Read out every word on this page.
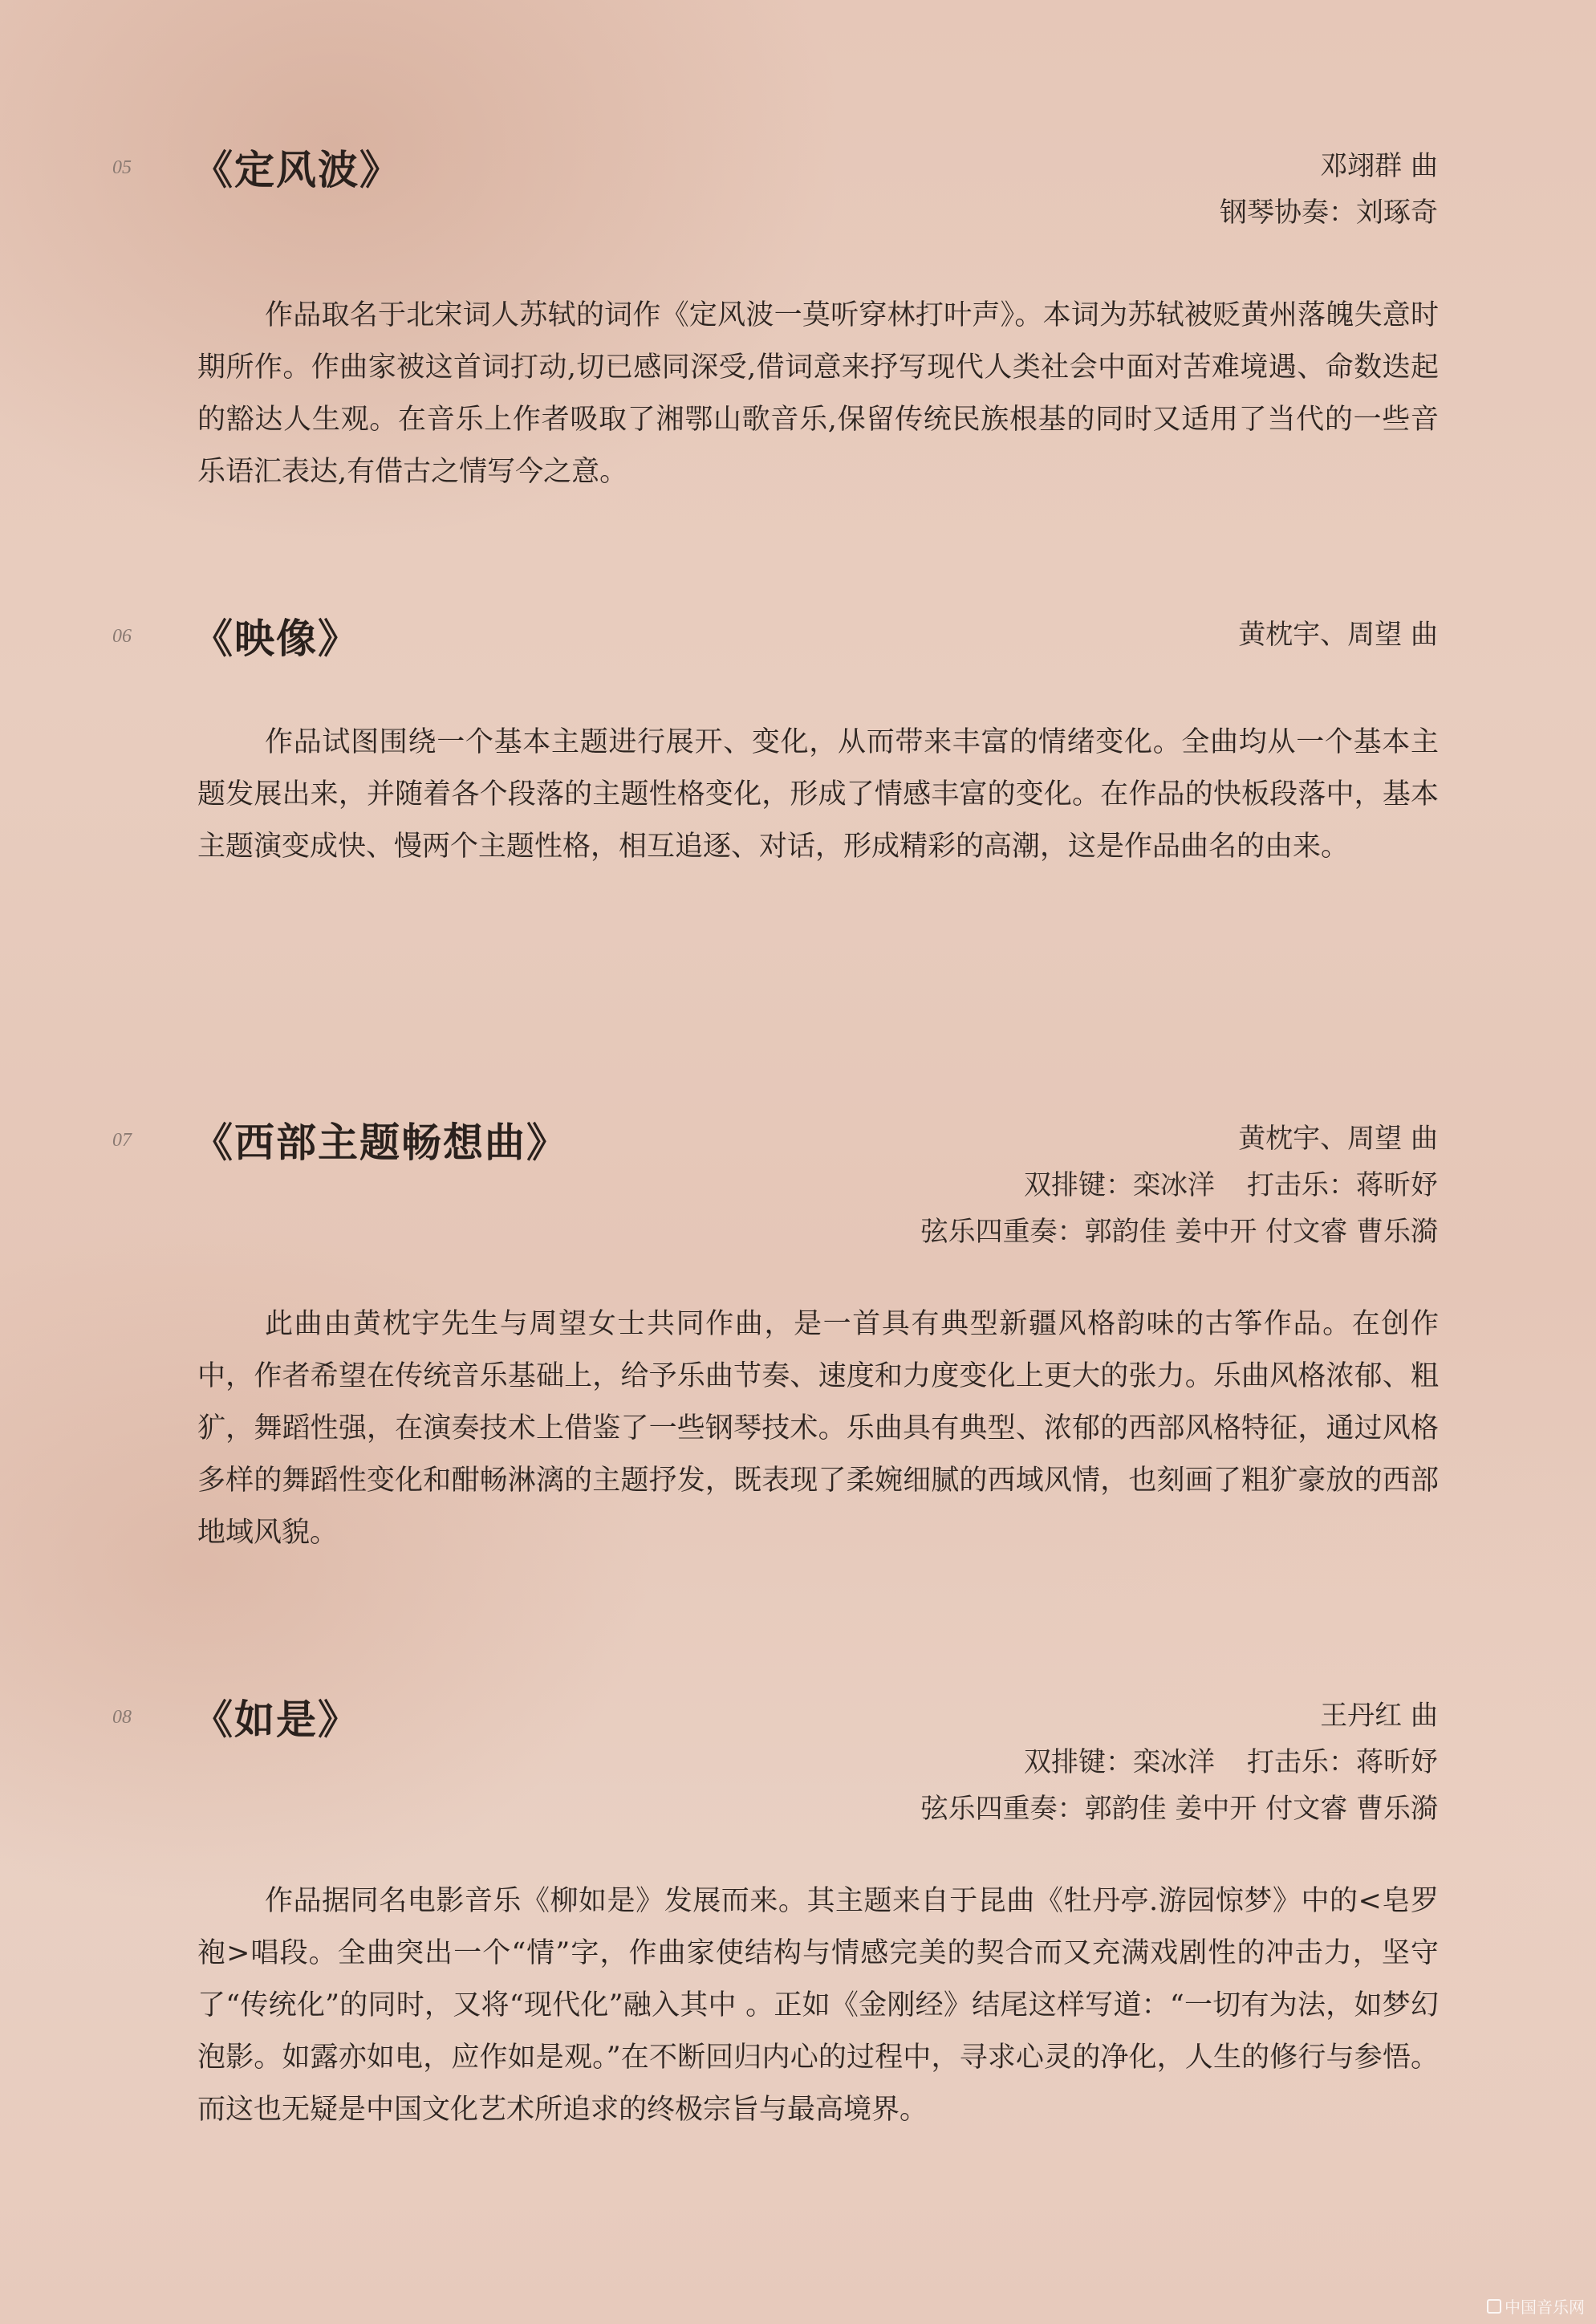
05 《定风波》	邓翊群 曲
钢琴协奏：刘琢奇

作品取名于北宋词人苏轼的词作《定风波一莫听穿林打叶声》。本词为苏轼被贬黄州落魄失意时期所作。作曲家被这首词打动,切已感同深受,借词意来抒写现代人类社会中面对苦难境遇、命数迭起的豁达人生观。在音乐上作者吸取了湘鄂山歌音乐,保留传统民族根基的同时又适用了当代的一些音乐语汇表达,有借古之情写今之意。

06 《映像》	黄枕宇、周望 曲

作品试图围绕一个基本主题进行展开、变化，从而带来丰富的情绪变化。全曲均从一个基本主题发展出来，并随着各个段落的主题性格变化，形成了情感丰富的变化。在作品的快板段落中，基本主题演变成快、慢两个主题性格，相互追逐、对话，形成精彩的高潮，这是作品曲名的由来。

07 《西部主题畅想曲》	黄枕宇、周望 曲
双排键：栾冰洋 打击乐：蒋昕妤
弦乐四重奏：郭韵佳 姜中开 付文睿 曹乐漪

此曲由黄枕宇先生与周望女士共同作曲，是一首具有典型新疆风格韵味的古筝作品。在创作中，作者希望在传统音乐基础上，给予乐曲节奏、速度和力度变化上更大的张力。乐曲风格浓郁、粗犷，舞蹈性强，在演奏技术上借鉴了一些钢琴技术。乐曲具有典型、浓郁的西部风格特征，通过风格多样的舞蹈性变化和酣畅淋漓的主题抒发，既表现了柔婉细腻的西域风情，也刻画了粗犷豪放的西部地域风貌。

08 《如是》	王丹红 曲
双排键：栾冰洋 打击乐：蒋昕妤
弦乐四重奏：郭韵佳 姜中开 付文睿 曹乐漪

作品据同名电影音乐《柳如是》发展而来。其主题来自于昆曲《牡丹亭.游园惊梦》中的<皂罗袍>唱段。全曲突出一个“情”字，作曲家使结构与情感完美的契合而又充满戏剧性的冲击力，坚守了“传统化”的同时，又将“现代化”融入其中 。正如《金刚经》结尾这样写道：“一切有为法，如梦幻泡影。如露亦如电，应作如是观。”在不断回归内心的过程中，寻求心灵的净化，人生的修行与参悟。而这也无疑是中国文化艺术所追求的终极宗旨与最高境界。

中国音乐网
